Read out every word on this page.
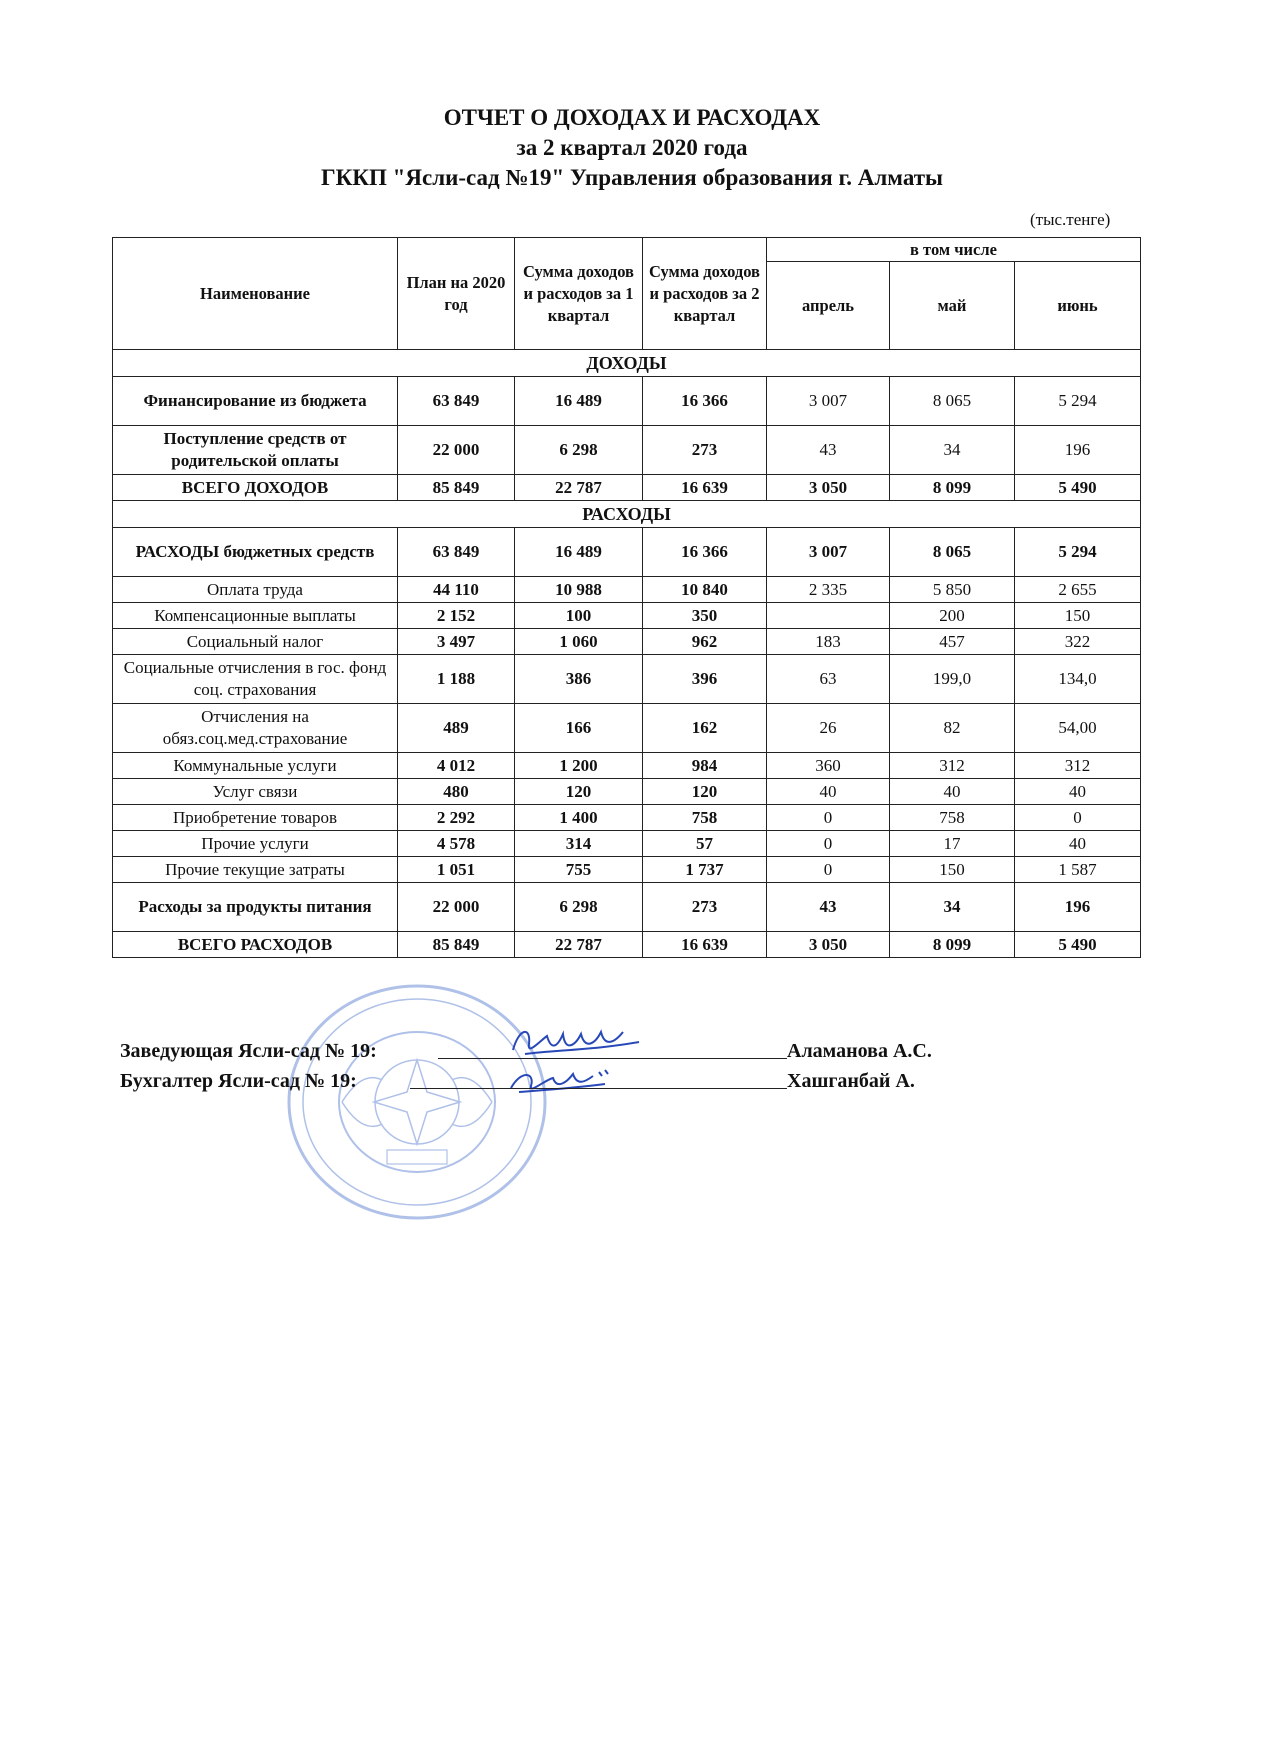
ОТЧЕТ О ДОХОДАХ И РАСХОДАХ
за 2 квартал 2020 года
ГККП "Ясли-сад №19" Управления образования г. Алматы
(тыс.тенге)
Наименование	План на 2020 год	Сумма доходов и расходов за 1 квартал	Сумма доходов и расходов за 2 квартал	в том числе		
				апрель	май	июнь
ДОХОДЫ						
Финансирование из бюджета	63 849	16 489	16 366	3 007	8 065	5 294
Поступление средств от родительской оплаты	22 000	6 298	273	43	34	196
ВСЕГО ДОХОДОВ	85 849	22 787	16 639	3 050	8 099	5 490
РАСХОДЫ						
РАСХОДЫ бюджетных средств	63 849	16 489	16 366	3 007	8 065	5 294
Оплата труда	44 110	10 988	10 840	2 335	5 850	2 655
Компенсационные выплаты	2 152	100	350		200	150
Социальный налог	3 497	1 060	962	183	457	322
Социальные отчисления в гос. фонд соц. страхования	1 188	386	396	63	199,0	134,0
Отчисления на обяз.соц.мед.страхование	489	166	162	26	82	54,00
Коммунальные услуги	4 012	1 200	984	360	312	312
Услуг связи	480	120	120	40	40	40
Приобретение товаров	2 292	1 400	758	0	758	0
Прочие услуги	4 578	314	57	0	17	40
Прочие текущие затраты	1 051	755	1 737	0	150	1 587
Расходы за продукты питания	22 000	6 298	273	43	34	196
ВСЕГО РАСХОДОВ	85 849	22 787	16 639	3 050	8 099	5 490
Заведующая Ясли-сад № 19:	Аламанова А.С.
Бухгалтер Ясли-сад № 19:	Хашганбай А.
